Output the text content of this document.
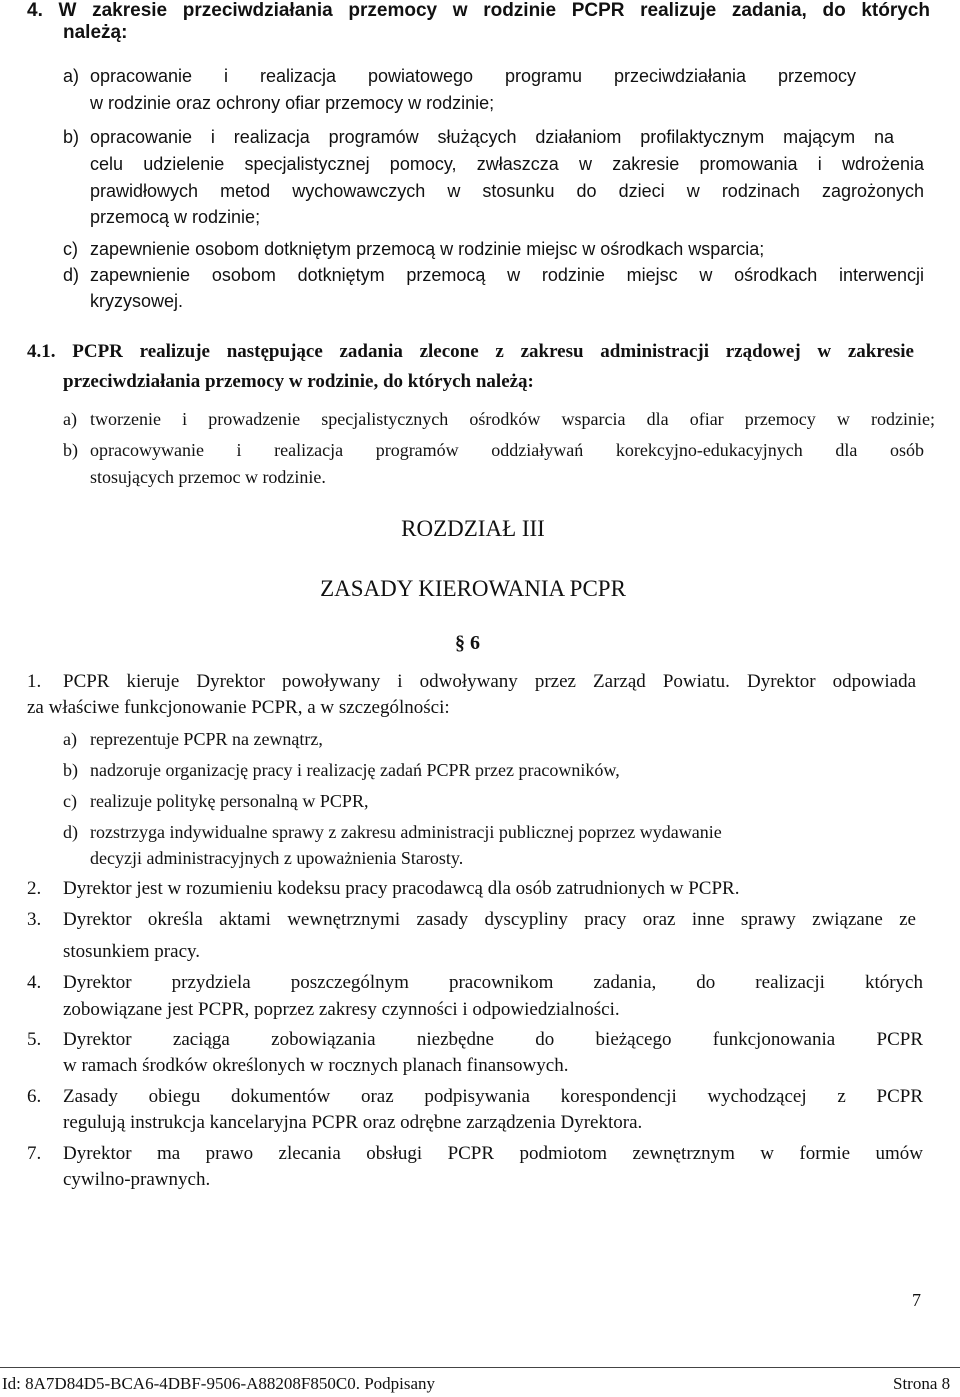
4. W zakresie przeciwdziałania przemocy w rodzinie PCPR realizuje zadania, do których
należą:
a) opracowanie i realizacja powiatowego programu przeciwdziałania przemocy
w rodzinie oraz ochrony ofiar przemocy w rodzinie;
b) opracowanie i realizacja programów służących działaniom profilaktycznym mającym na
celu udzielenie specjalistycznej pomocy, zwłaszcza w zakresie promowania i wdrożenia
prawidłowych metod wychowawczych w stosunku do dzieci w rodzinach zagrożonych
przemocą w rodzinie;
c) zapewnienie osobom dotkniętym przemocą w rodzinie miejsc w ośrodkach wsparcia;
d) zapewnienie osobom dotkniętym przemocą w rodzinie miejsc w ośrodkach interwencji
kryzysowej.
4.1. PCPR realizuje następujące zadania zlecone z zakresu administracji rządowej w zakresie
przeciwdziałania przemocy w rodzinie, do których należą:
a) tworzenie i prowadzenie specjalistycznych ośrodków wsparcia dla ofiar przemocy w rodzinie;
b) opracowywanie i realizacja programów oddziaływań korekcyjno-edukacyjnych dla osób
stosujących przemoc w rodzinie.
ROZDZIAŁ III
ZASADY KIEROWANIA PCPR
§ 6
1. PCPR kieruje Dyrektor powoływany i odwoływany przez Zarząd Powiatu. Dyrektor odpowiada
za właściwe funkcjonowanie PCPR, a w szczególności:
a) reprezentuje PCPR na zewnątrz,
b) nadzoruje organizację pracy i realizację zadań PCPR przez pracowników,
c) realizuje politykę personalną w PCPR,
d) rozstrzyga indywidualne sprawy z zakresu administracji publicznej poprzez wydawanie
decyzji administracyjnych z upoważnienia Starosty.
2. Dyrektor jest w rozumieniu kodeksu pracy pracodawcą dla osób zatrudnionych w PCPR.
3. Dyrektor określa aktami wewnętrznymi zasady dyscypliny pracy oraz inne sprawy związane ze
stosunkiem pracy.
4. Dyrektor przydziela poszczególnym pracownikom zadania, do realizacji których
zobowiązane jest PCPR, poprzez zakresy czynności i odpowiedzialności.
5. Dyrektor zaciąga zobowiązania niezbędne do bieżącego funkcjonowania PCPR
w ramach środków określonych w rocznych planach finansowych.
6. Zasady obiegu dokumentów oraz podpisywania korespondencji wychodzącej z PCPR
regulują instrukcja kancelaryjna PCPR oraz odrębne zarządzenia Dyrektora.
7. Dyrektor ma prawo zlecania obsługi PCPR podmiotom zewnętrznym w formie umów
cywilno-prawnych.
7
Id: 8A7D84D5-BCA6-4DBF-9506-A88208F850C0. Podpisany	Strona 8
